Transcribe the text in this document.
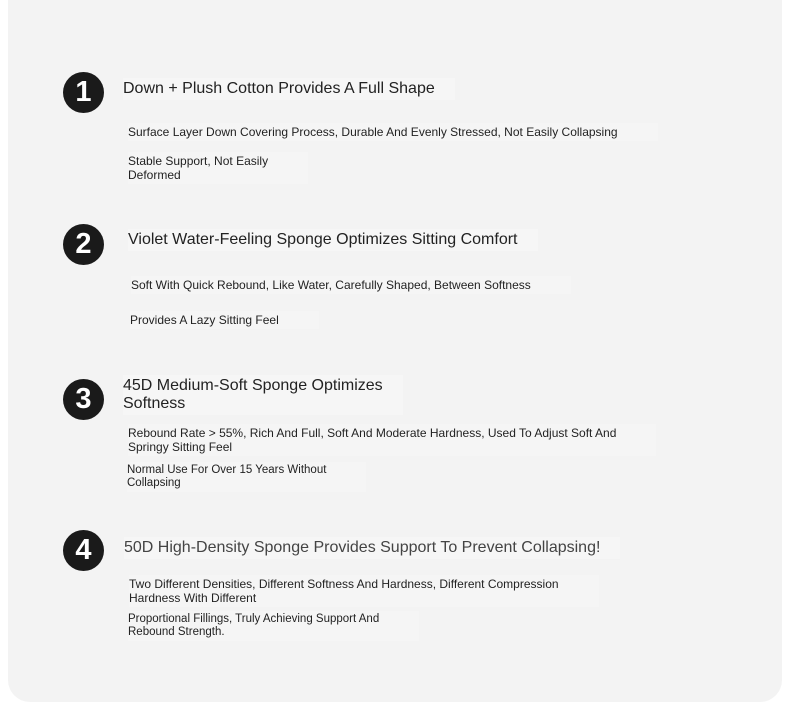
1	Down + Plush Cotton Provides A Full Shape
Surface Layer Down Covering Process, Durable And Evenly Stressed, Not Easily Collapsing
Stable Support, Not Easily
Deformed
2	Violet Water-Feeling Sponge Optimizes Sitting Comfort
Soft With Quick Rebound, Like Water, Carefully Shaped, Between Softness
Provides A Lazy Sitting Feel
3	45D Medium-Soft Sponge Optimizes
Softness
Rebound Rate > 55%, Rich And Full, Soft And Moderate Hardness, Used To Adjust Soft And
Springy Sitting Feel
Normal Use For Over 15 Years Without
Collapsing
4	50D High-Density Sponge Provides Support To Prevent Collapsing!
Two Different Densities, Different Softness And Hardness, Different Compression
Hardness With Different
Proportional Fillings, Truly Achieving Support And
Rebound Strength.
